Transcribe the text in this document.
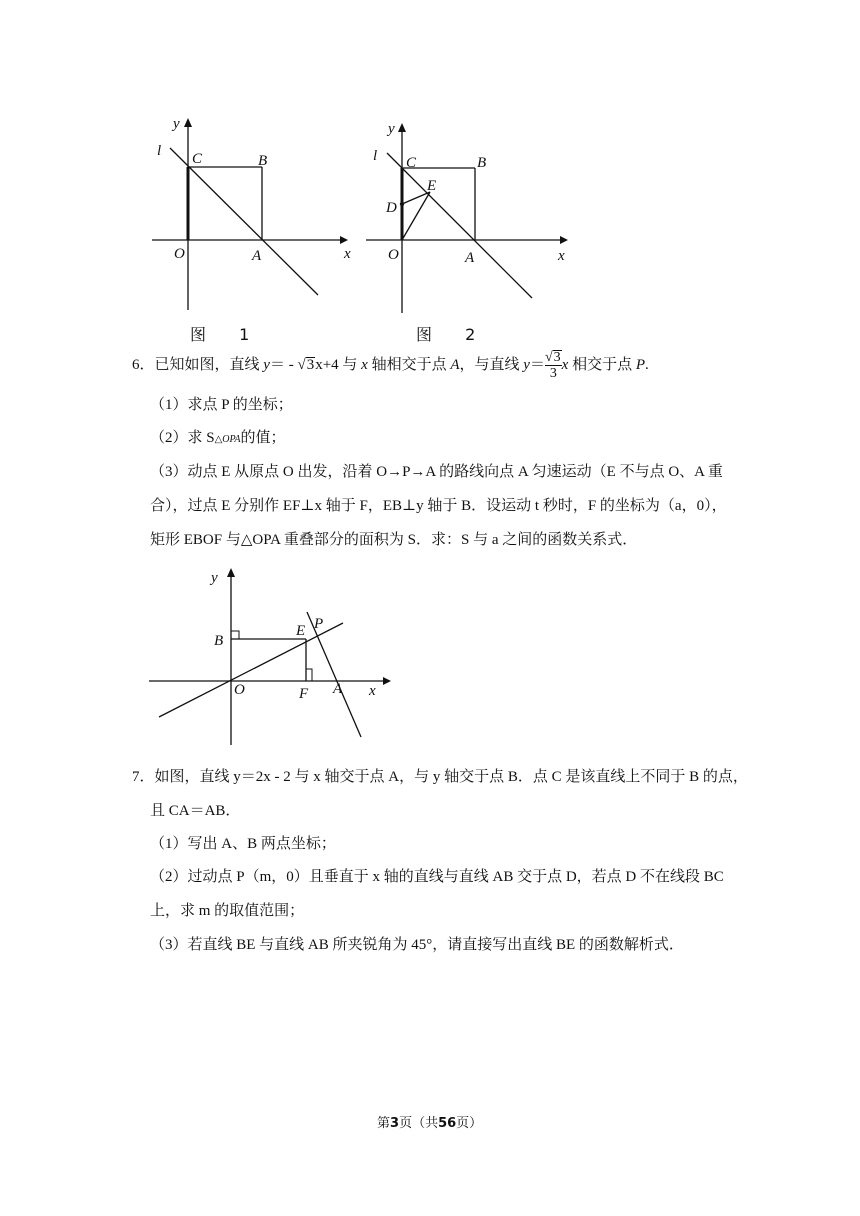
y
l C	B
O	A	x
图 1
y
l C	B
E
D
O	A	x
图 2
6．已知如图，直线 y＝ - √3x+4 与 x 轴相交于点 A，与直线 $y= \frac{√3}{3}$ x 相交于点 P.
（1）求点 P 的坐标；
（2）求 S△OPA的值；
（3）动点 E 从原点 O 出发，沿着 O→P→A 的路线向点 A 匀速运动（E 不与点 O、A 重
合），过点 E 分别作 EF⊥x 轴于 F，EB⊥y 轴于 B．设运动 t 秒时，F 的坐标为（a，0），
矩形 EBOF 与△OPA 重叠部分的面积为 S．求：S 与 a 之间的函数关系式．
y
B
E P
O	F A x
7．如图，直线 y＝2x - 2 与 x 轴交于点 A，与 y 轴交于点 B．点 C 是该直线上不同于 B 的点，
且 CA＝AB．
（1）写出 A、B 两点坐标；
（2）过动点 P（m，0）且垂直于 x 轴的直线与直线 AB 交于点 D，若点 D 不在线段 BC
上，求 m 的取值范围；
（3）若直线 BE 与直线 AB 所夹锐角为 45°，请直接写出直线 BE 的函数解析式．
第3页（共56页）
